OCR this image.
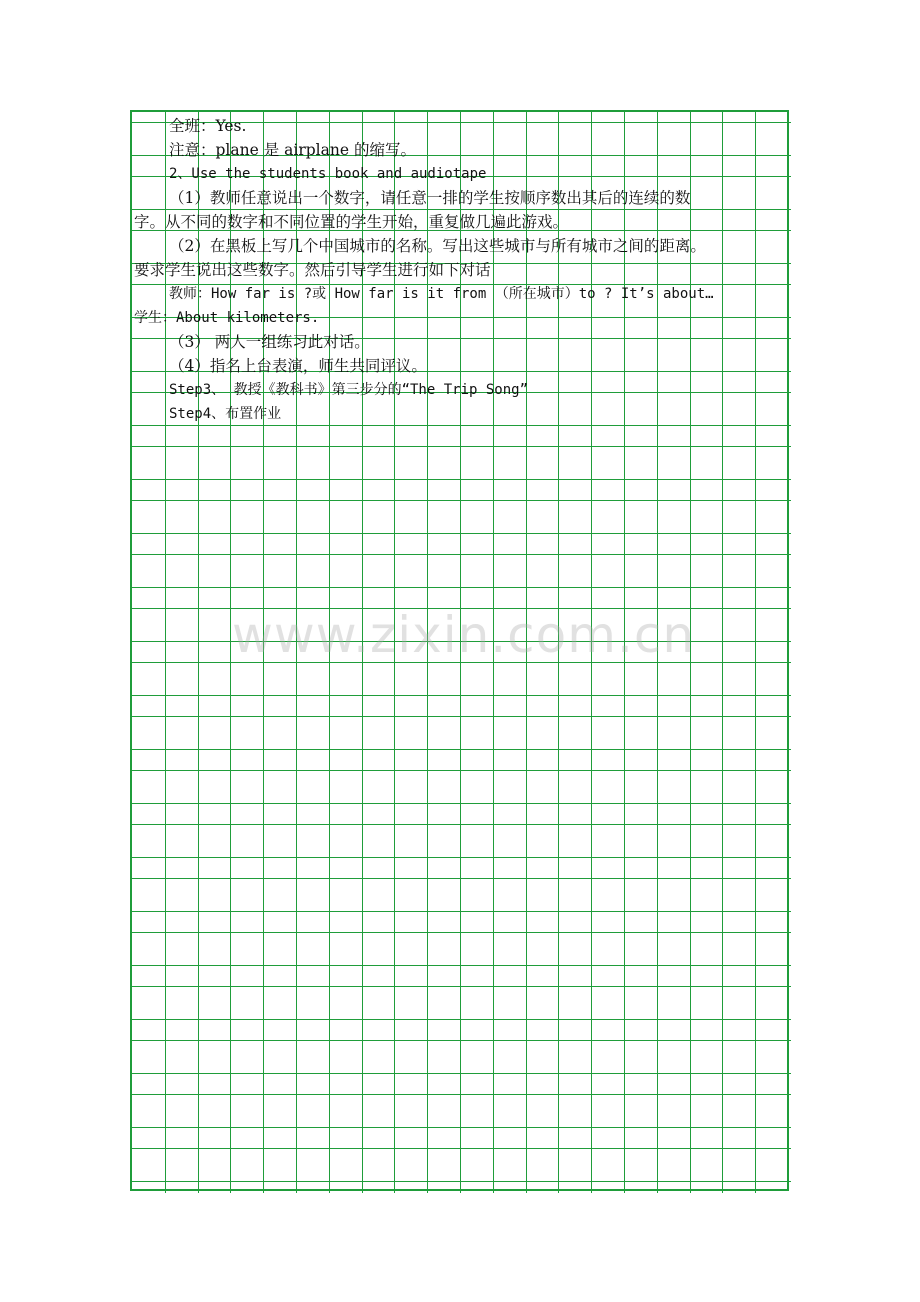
全班：Yes.
注意：plane 是 airplane 的缩写。
2、Use the students book and audiotape
（1）教师任意说出一个数字，请任意一排的学生按顺序数出其后的连续的数
字。从不同的数字和不同位置的学生开始，重复做几遍此游戏。
（2）在黑板上写几个中国城市的名称。写出这些城市与所有城市之间的距离。
要求学生说出这些数字。然后引导学生进行如下对话
教师：How far is ?或 How far is it from （所在城市）to ? It’s about…
学生：About kilometers.
（3） 两人一组练习此对话。
（4）指名上台表演，师生共同评议。
Step3、 教授《教科书》第三步分的“The Trip Song”
Step4、布置作业
www.zixin.com.cn
